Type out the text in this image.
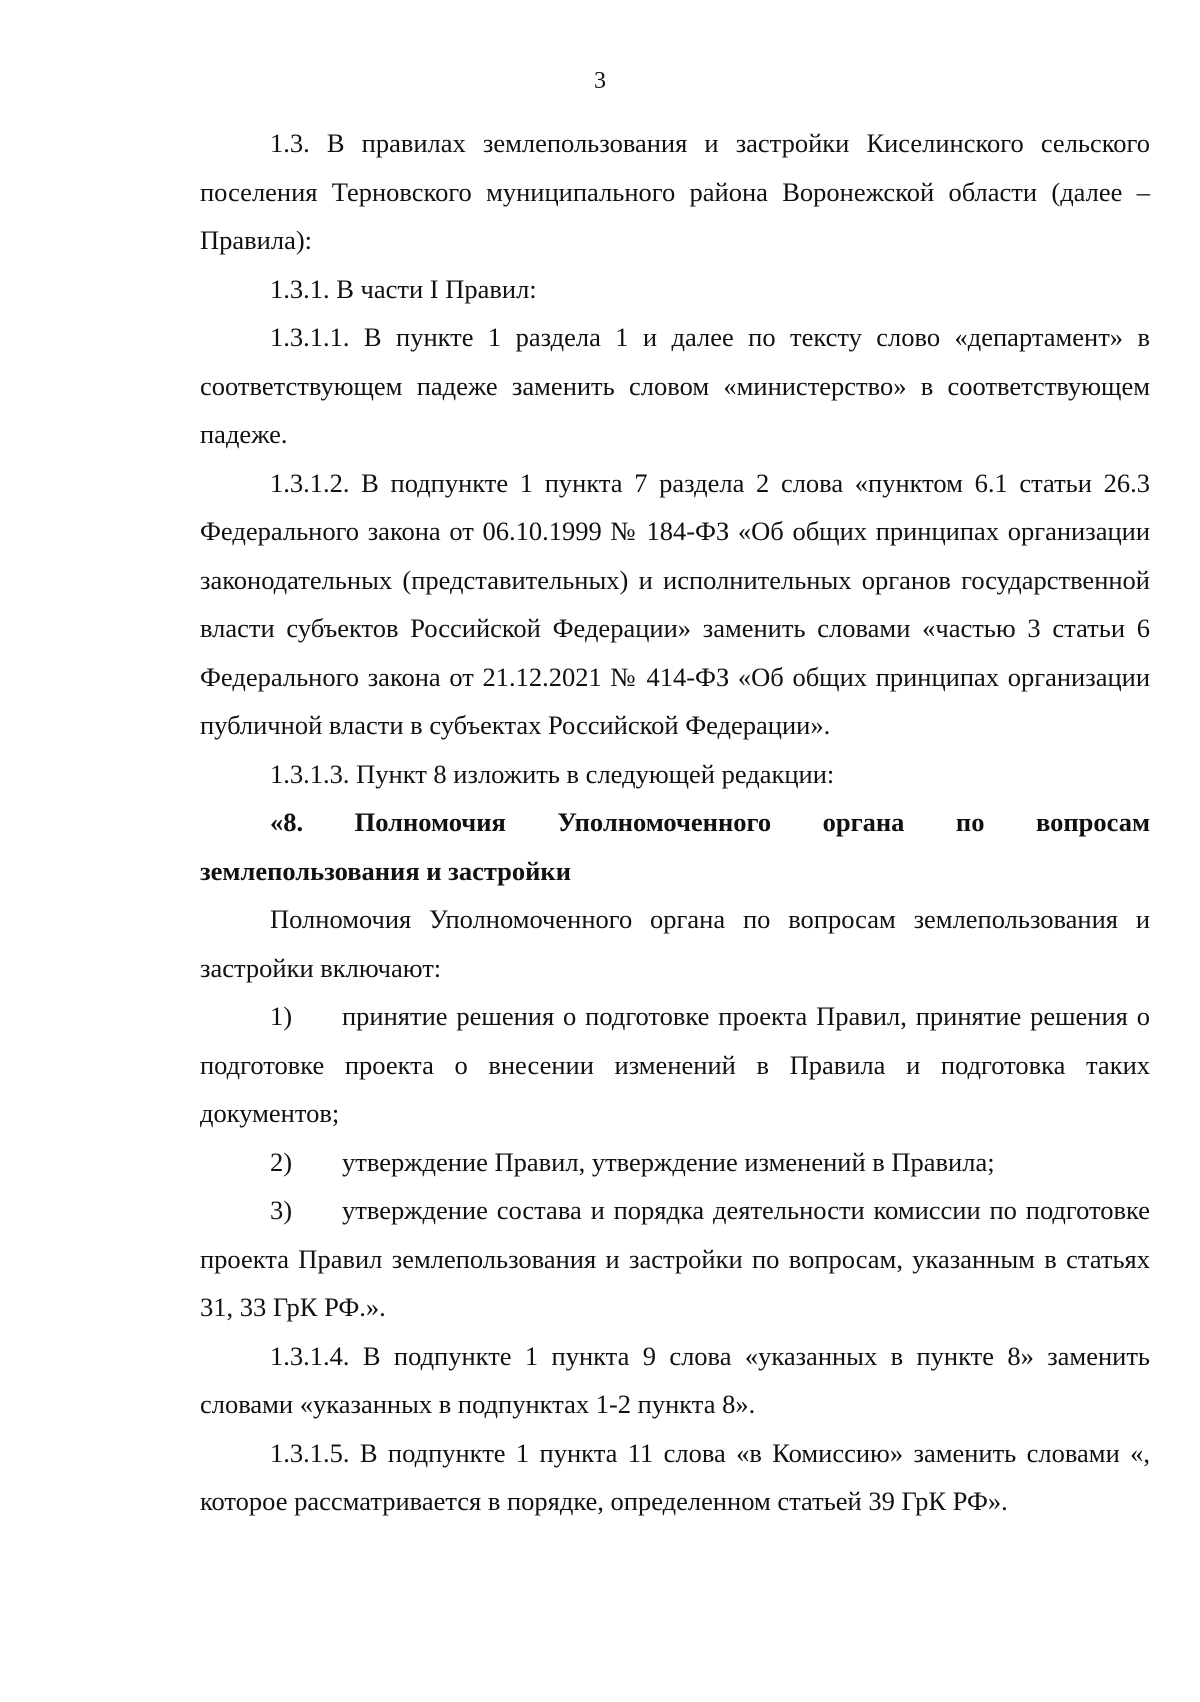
3

1.3. В правилах землепользования и застройки Киселинского сельского поселения Терновского муниципального района Воронежской области (далее – Правила):

1.3.1. В части I Правил:

1.3.1.1. В пункте 1 раздела 1 и далее по тексту слово «департамент» в соответствующем падеже заменить словом «министерство» в соответствующем падеже.

1.3.1.2. В подпункте 1 пункта 7 раздела 2 слова «пунктом 6.1 статьи 26.3 Федерального закона от 06.10.1999 № 184-ФЗ «Об общих принципах организации законодательных (представительных) и исполнительных органов государственной власти субъектов Российской Федерации» заменить словами «частью 3 статьи 6 Федерального закона от 21.12.2021 № 414-ФЗ «Об общих принципах организации публичной власти в субъектах Российской Федерации».

1.3.1.3. Пункт 8 изложить в следующей редакции:

«8. Полномочия Уполномоченного органа по вопросам землепользования и застройки

Полномочия Уполномоченного органа по вопросам землепользования и застройки включают:

1) принятие решения о подготовке проекта Правил, принятие решения о подготовке проекта о внесении изменений в Правила и подготовка таких документов;

2) утверждение Правил, утверждение изменений в Правила;

3) утверждение состава и порядка деятельности комиссии по подготовке проекта Правил землепользования и застройки по вопросам, указанным в статьях 31, 33 ГрК РФ.».

1.3.1.4. В подпункте 1 пункта 9 слова «указанных в пункте 8» заменить словами «указанных в подпунктах 1-2 пункта 8».

1.3.1.5. В подпункте 1 пункта 11 слова «в Комиссию» заменить словами «, которое рассматривается в порядке, определенном статьей 39 ГрК РФ».
